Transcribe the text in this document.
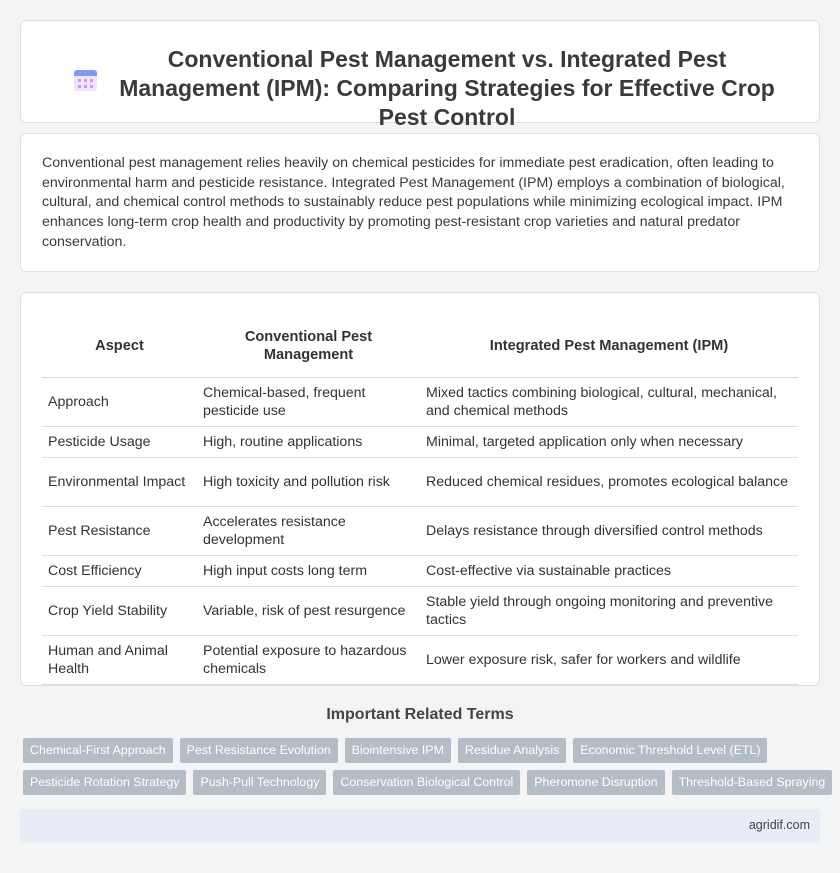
Conventional Pest Management vs. Integrated Pest Management (IPM): Comparing Strategies for Effective Crop Pest Control

Conventional pest management relies heavily on chemical pesticides for immediate pest eradication, often leading to environmental harm and pesticide resistance. Integrated Pest Management (IPM) employs a combination of biological, cultural, and chemical control methods to sustainably reduce pest populations while minimizing ecological impact. IPM enhances long-term crop health and productivity by promoting pest-resistant crop varieties and natural predator conservation.

Aspect	Conventional Pest Management	Integrated Pest Management (IPM)
Approach	Chemical-based, frequent pesticide use	Mixed tactics combining biological, cultural, mechanical, and chemical methods
Pesticide Usage	High, routine applications	Minimal, targeted application only when necessary
Environmental Impact	High toxicity and pollution risk	Reduced chemical residues, promotes ecological balance
Pest Resistance	Accelerates resistance development	Delays resistance through diversified control methods
Cost Efficiency	High input costs long term	Cost-effective via sustainable practices
Crop Yield Stability	Variable, risk of pest resurgence	Stable yield through ongoing monitoring and preventive tactics
Human and Animal Health	Potential exposure to hazardous chemicals	Lower exposure risk, safer for workers and wildlife
Important Related Terms
Chemical-First Approach	Pest Resistance Evolution	Biointensive IPM	Residue Analysis	Economic Threshold Level (ETL)
Pesticide Rotation Strategy	Push-Pull Technology	Conservation Biological Control	Pheromone Disruption	Threshold-Based Spraying
agridif.com
